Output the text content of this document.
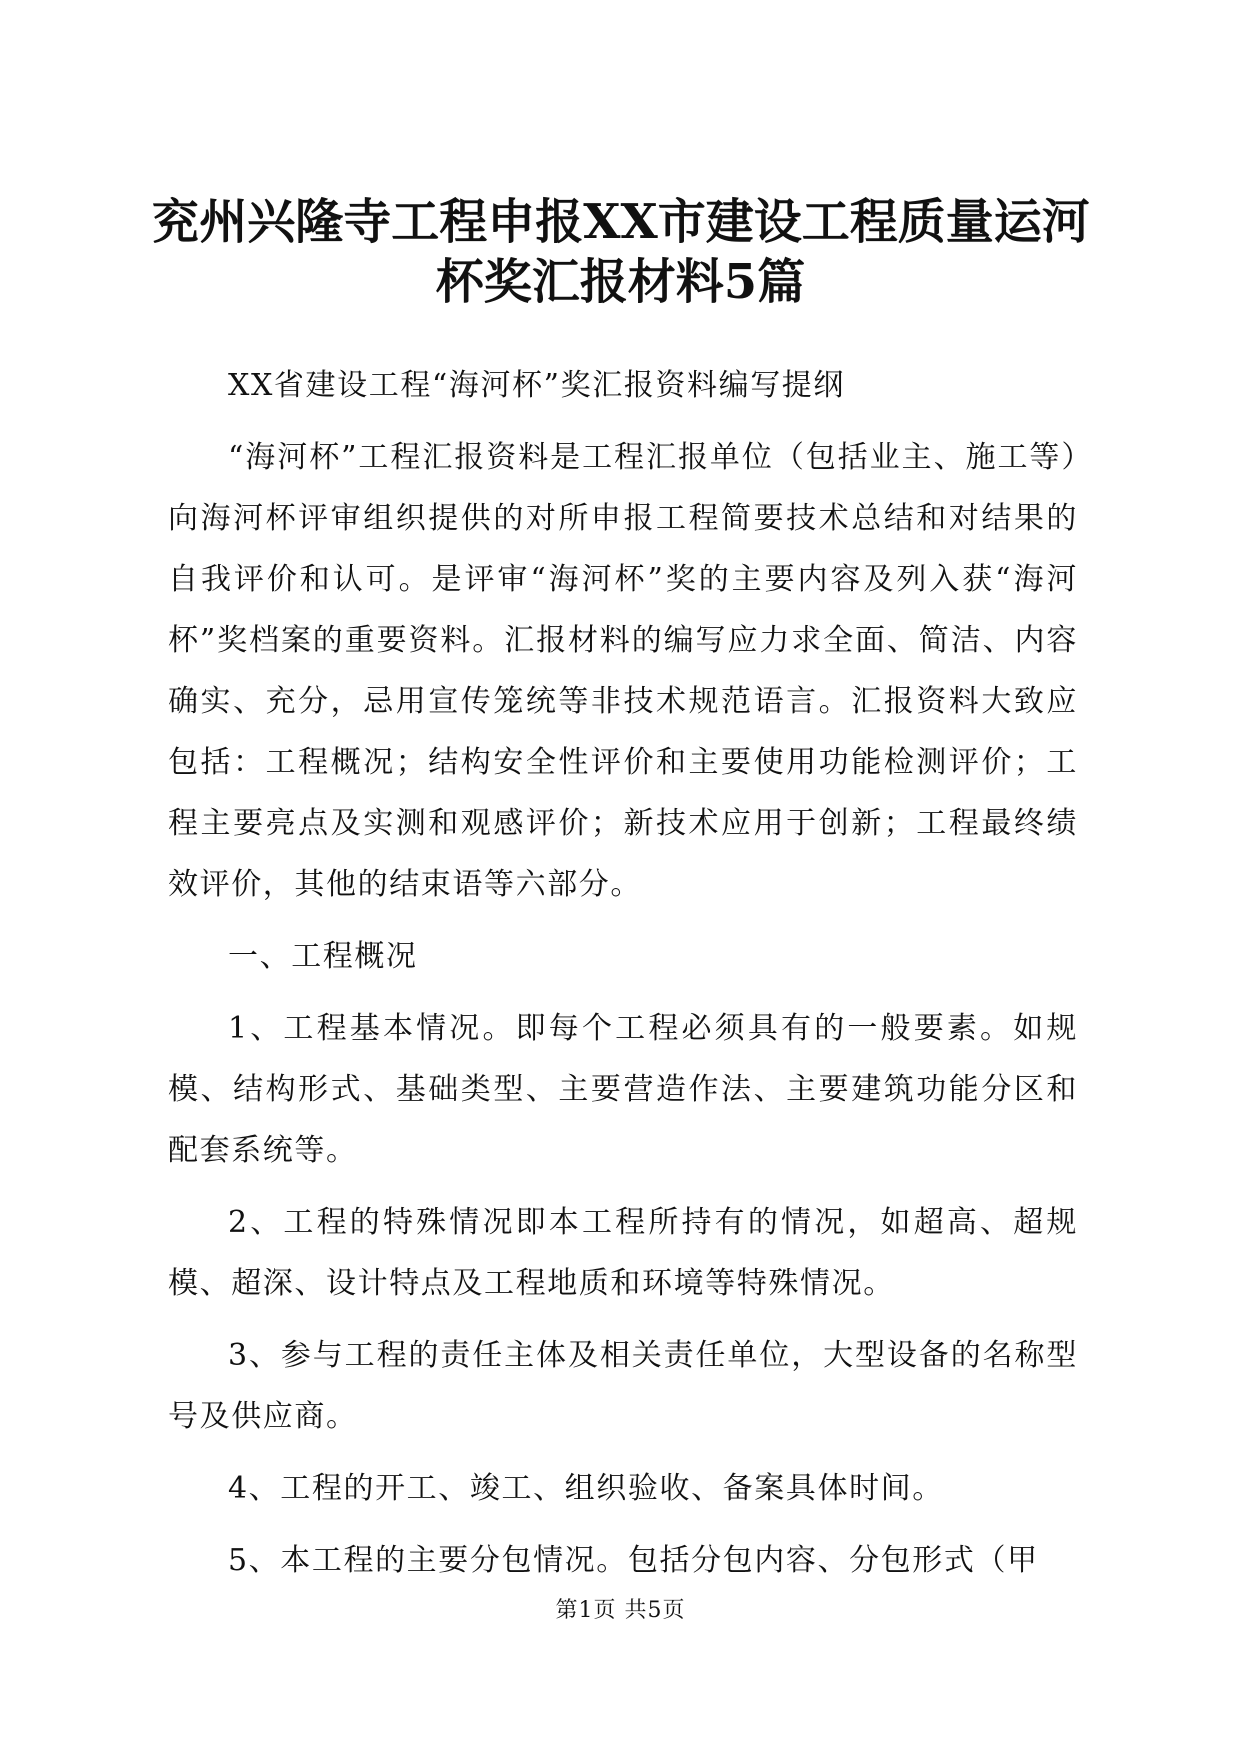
兖州兴隆寺工程申报XX市建设工程质量运河
杯奖汇报材料5篇

XX省建设工程“海河杯”奖汇报资料编写提纲

“海河杯”工程汇报资料是工程汇报单位（包括业主、施工等）向海河杯评审组织提供的对所申报工程简要技术总结和对结果的自我评价和认可。是评审“海河杯”奖的主要内容及列入获“海河杯”奖档案的重要资料。汇报材料的编写应力求全面、简洁、内容确实、充分，忌用宣传笼统等非技术规范语言。汇报资料大致应包括：工程概况；结构安全性评价和主要使用功能检测评价；工程主要亮点及实测和观感评价；新技术应用于创新；工程最终绩效评价，其他的结束语等六部分。

一、工程概况

1、工程基本情况。即每个工程必须具有的一般要素。如规模、结构形式、基础类型、主要营造作法、主要建筑功能分区和配套系统等。

2、工程的特殊情况即本工程所持有的情况，如超高、超规模、超深、设计特点及工程地质和环境等特殊情况。

3、参与工程的责任主体及相关责任单位，大型设备的名称型号及供应商。

4、工程的开工、竣工、组织验收、备案具体时间。

5、本工程的主要分包情况。包括分包内容、分包形式（甲

第1页 共5页
